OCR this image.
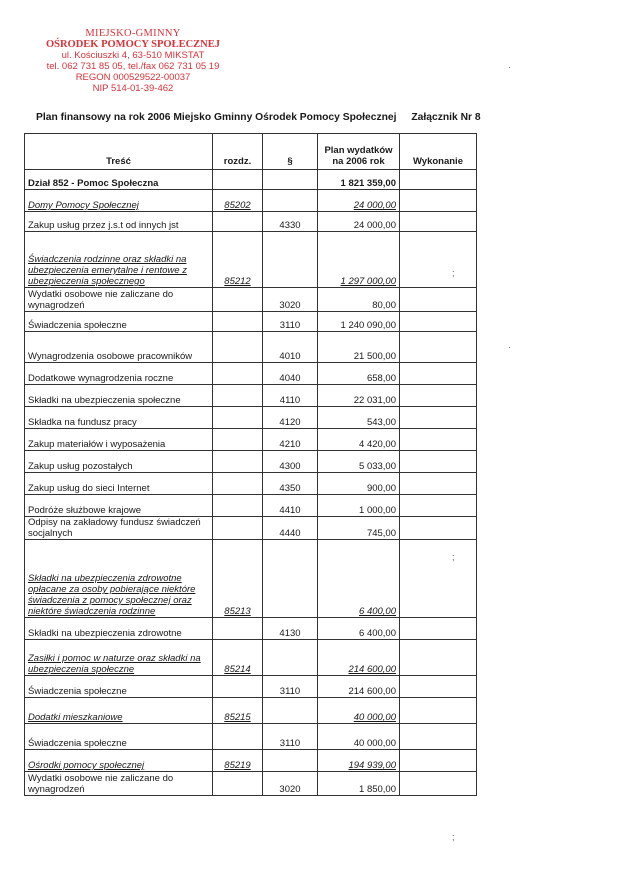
MIEJSKO-GMINNY
OŚRODEK POMOCY SPOŁECZNEJ
ul. Kościuszki 4, 63-510 MIKSTAT
tel. 062 731 85 05, tel./fax 062 731 05 19
REGON 000529522-00037
NIP 514-01-39-462
Plan finansowy na rok 2006 Miejsko Gminny Ośrodek Pomocy Społecznej Załącznik Nr 8
Treść	rozdz.	§	Plan wydatków na 2006 rok	Wykonanie
Dział 852 - Pomoc Społeczna			1 821 359,00	
Domy Pomocy Społecznej	85202		24 000,00	
Zakup usług przez j.s.t od innych jst		4330	24 000,00	
Świadczenia rodzinne oraz składki na ubezpieczenia emerytalne i rentowe z ubezpieczenia społecznego	85212		1 297 000,00	
Wydatki osobowe nie zaliczane do wynagrodzeń		3020	80,00	
Świadczenia społeczne		3110	1 240 090,00	
Wynagrodzenia osobowe pracowników		4010	21 500,00	
Dodatkowe wynagrodzenia roczne		4040	658,00	
Składki na ubezpieczenia społeczne		4110	22 031,00	
Składka na fundusz pracy		4120	543,00	
Zakup materiałów i wyposażenia		4210	4 420,00	
Zakup usług pozostałych		4300	5 033,00	
Zakup usług do sieci Internet		4350	900,00	
Podróże służbowe krajowe		4410	1 000,00	
Odpisy na zakładowy fundusz świadczeń socjalnych		4440	745,00	
Składki na ubezpieczenia zdrowotne opłacane za osoby pobierające niektóre świadczenia z pomocy społecznej oraz niektóre świadczenia rodzinne	85213		6 400,00	
Składki na ubezpieczenia zdrowotne		4130	6 400,00	
Zasiłki i pomoc w naturze oraz składki na ubezpieczenia społeczne	85214		214 600,00	
Świadczenia społeczne		3110	214 600,00	
Dodatki mieszkaniowe	85215		40 000,00	
Świadczenia społeczne		3110	40 000,00	
Ośrodki pomocy społecznej	85219		194 939,00	
Wydatki osobowe nie zaliczane do wynagrodzeń		3020	1 850,00	
·
;
·
;
;
